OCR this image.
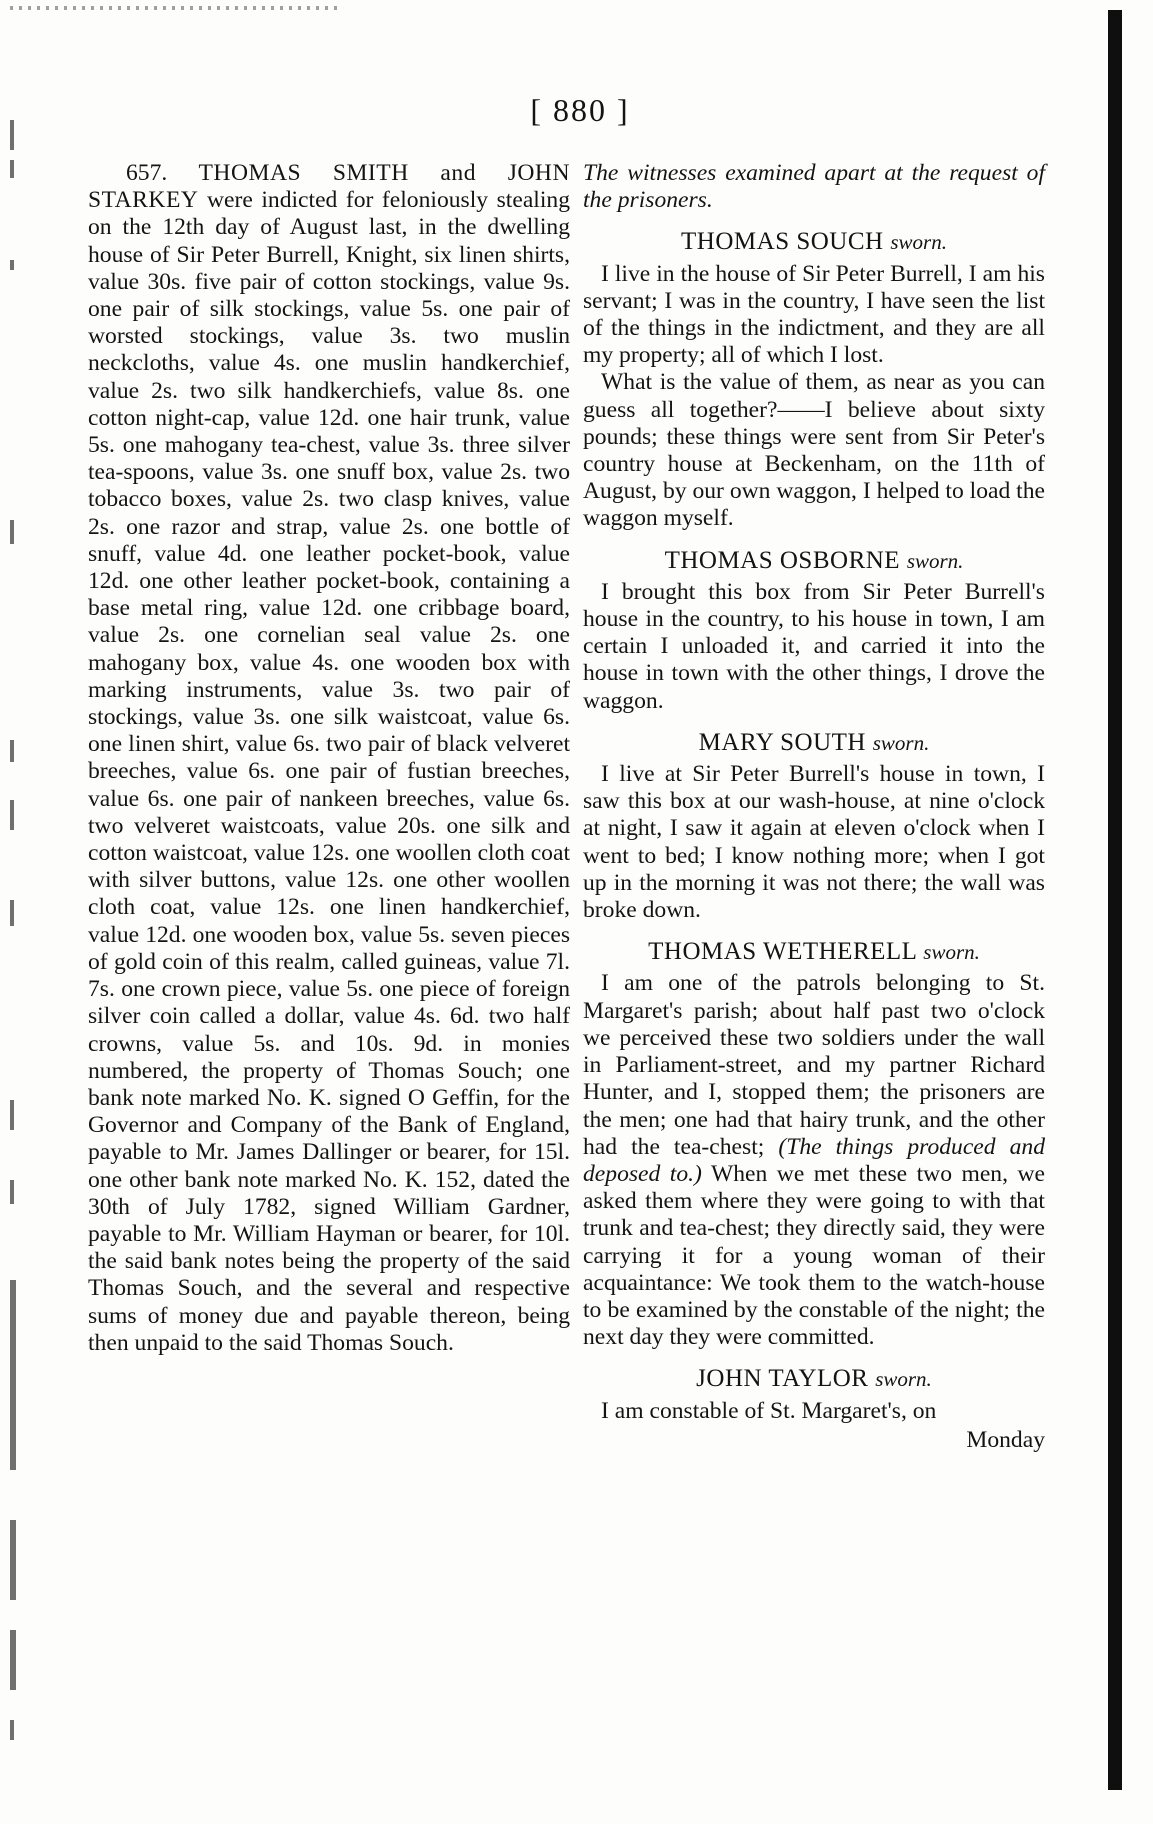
[ 880 ]

657. THOMAS SMITH and JOHN STARKEY were indicted for feloniously stealing on the 12th day of August last, in the dwelling house of Sir Peter Burrell, Knight, six linen shirts, value 30s. five pair of cotton stockings, value 9s. one pair of silk stockings, value 5s. one pair of worsted stockings, value 3s. two muslin neckcloths, value 4s. one muslin handkerchief, value 2s. two silk handkerchiefs, value 8s. one cotton night-cap, value 12d. one hair trunk, value 5s. one mahogany tea-chest, value 3s. three silver tea-spoons, value 3s. one snuff box, value 2s. two tobacco boxes, value 2s. two clasp knives, value 2s. one razor and strap, value 2s. one bottle of snuff, value 4d. one leather pocket-book, value 12d. one other leather pocket-book, containing a base metal ring, value 12d. one cribbage board, value 2s. one cornelian seal value 2s. one mahogany box, value 4s. one wooden box with marking instruments, value 3s. two pair of stockings, value 3s. one silk waistcoat, value 6s. one linen shirt, value 6s. two pair of black velveret breeches, value 6s. one pair of fustian breeches, value 6s. one pair of nankeen breeches, value 6s. two velveret waistcoats, value 20s. one silk and cotton waistcoat, value 12s. one woollen cloth coat with silver buttons, value 12s. one other woollen cloth coat, value 12s. one linen handkerchief, value 12d. one wooden box, value 5s. seven pieces of gold coin of this realm, called guineas, value 7l. 7s. one crown piece, value 5s. one piece of foreign silver coin called a dollar, value 4s. 6d. two half crowns, value 5s. and 10s. 9d. in monies numbered, the property of Thomas Souch; one bank note marked No. K. signed O Geffin, for the Governor and Company of the Bank of England, payable to Mr. James Dallinger or bearer, for 15l. one other bank note marked No. K. 152, dated the 30th of July 1782, signed William Gardner, payable to Mr. William Hayman or bearer, for 10l. the said bank notes being the property of the said Thomas Souch, and the several and respective sums of money due and payable thereon, being then unpaid to the said Thomas Souch.

The witnesses examined apart at the request of the prisoners.

THOMAS SOUCH sworn.

I live in the house of Sir Peter Burrell, I am his servant; I was in the country, I have seen the list of the things in the indictment, and they are all my property; all of which I lost.

What is the value of them, as near as you can guess all together?——I believe about sixty pounds; these things were sent from Sir Peter's country house at Beckenham, on the 11th of August, by our own waggon, I helped to load the waggon myself.

THOMAS OSBORNE sworn.

I brought this box from Sir Peter Burrell's house in the country, to his house in town, I am certain I unloaded it, and carried it into the house in town with the other things, I drove the waggon.

MARY SOUTH sworn.

I live at Sir Peter Burrell's house in town, I saw this box at our wash-house, at nine o'clock at night, I saw it again at eleven o'clock when I went to bed; I know nothing more; when I got up in the morning it was not there; the wall was broke down.

THOMAS WETHERELL sworn.

I am one of the patrols belonging to St. Margaret's parish; about half past two o'clock we perceived these two soldiers under the wall in Parliament-street, and my partner Richard Hunter, and I, stopped them; the prisoners are the men; one had that hairy trunk, and the other had the tea-chest; (The things produced and deposed to.) When we met these two men, we asked them where they were going to with that trunk and tea-chest; they directly said, they were carrying it for a young woman of their acquaintance: We took them to the watch-house to be examined by the constable of the night; the next day they were committed.

JOHN TAYLOR sworn.

I am constable of St. Margaret's, on

Monday
